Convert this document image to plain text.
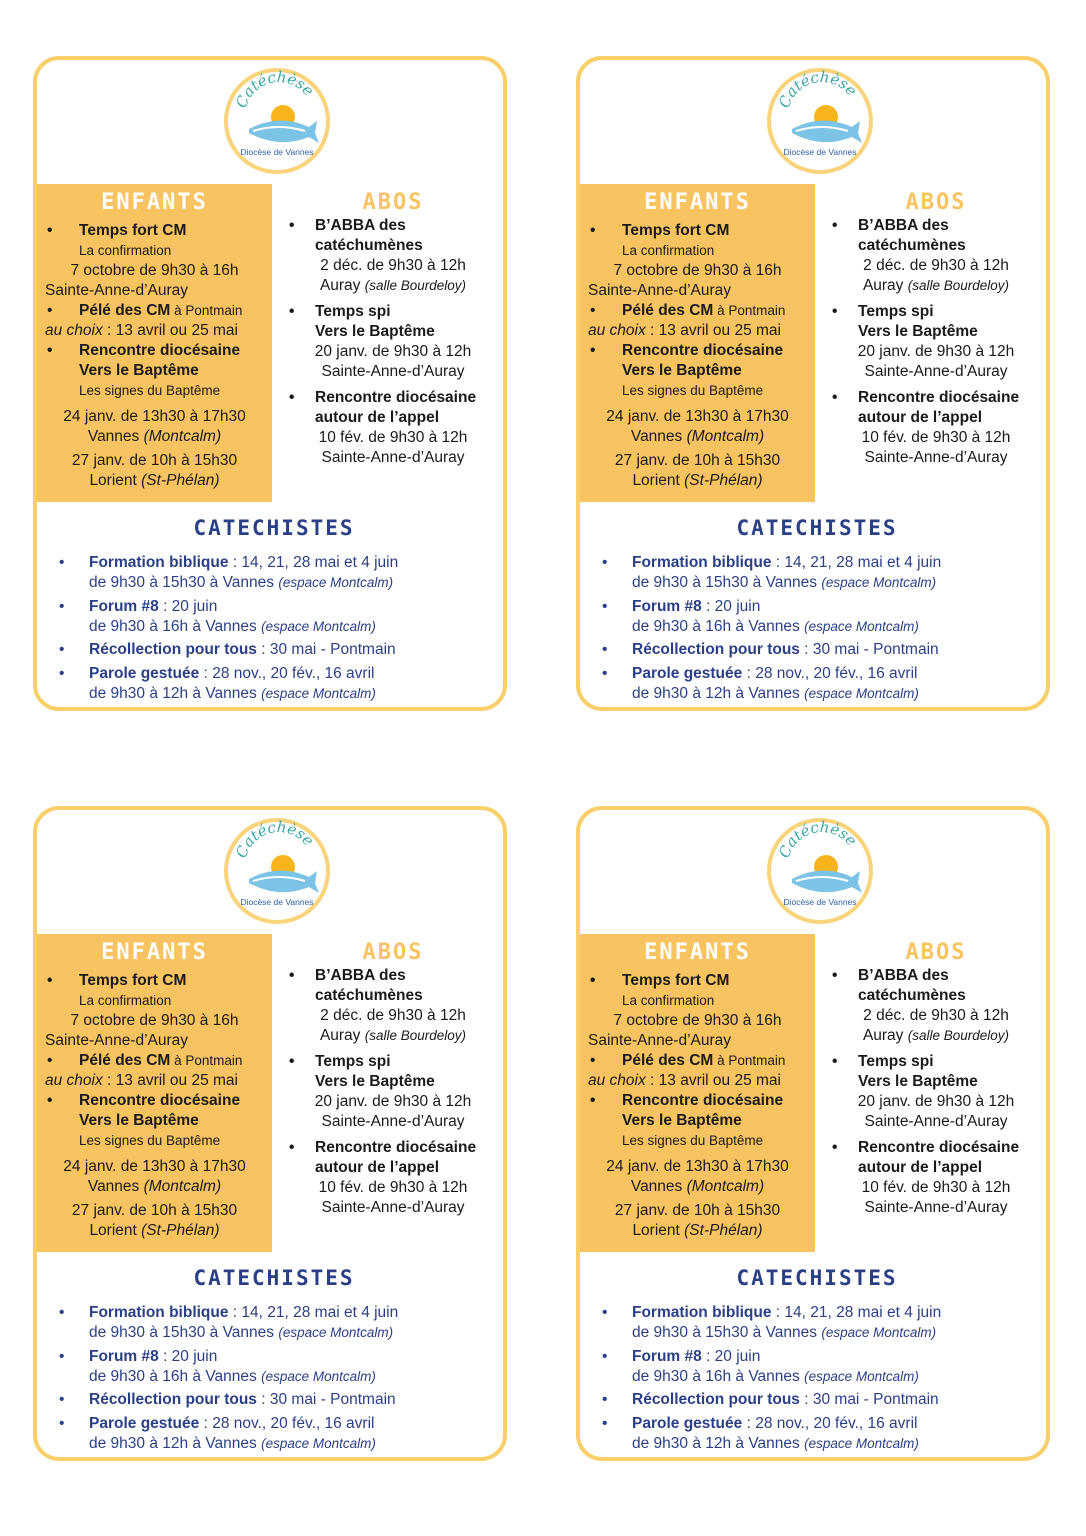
Catéchèse
Diocèse de Vannes

ENFANTS

• Temps fort CM
La confirmation
7 octobre de 9h30 à 16h
Sainte-Anne-d’Auray
• Pélé des CM à Pontmain
au choix : 13 avril ou 25 mai
• Rencontre diocésaine
Vers le Baptême
Les signes du Baptême
24 janv. de 13h30 à 17h30
Vannes (Montcalm)
27 janv. de 10h à 15h30
Lorient (St-Phélan)

ABOS

• B’ABBA des
catéchumènes
2 déc. de 9h30 à 12h
Auray (salle Bourdeloy)
• Temps spi
Vers le Baptême
20 janv. de 9h30 à 12h
Sainte-Anne-d’Auray
• Rencontre diocésaine
autour de l’appel
10 fév. de 9h30 à 12h
Sainte-Anne-d’Auray

CATECHISTES

• Formation biblique : 14, 21, 28 mai et 4 juin
de 9h30 à 15h30 à Vannes (espace Montcalm)
• Forum #8 : 20 juin
de 9h30 à 16h à Vannes (espace Montcalm)
• Récollection pour tous : 30 mai - Pontmain
• Parole gestuée : 28 nov., 20 fév., 16 avril
de 9h30 à 12h à Vannes (espace Montcalm)
Catéchèse
Diocèse de Vannes

ENFANTS

• Temps fort CM
La confirmation
7 octobre de 9h30 à 16h
Sainte-Anne-d’Auray
• Pélé des CM à Pontmain
au choix : 13 avril ou 25 mai
• Rencontre diocésaine
Vers le Baptême
Les signes du Baptême
24 janv. de 13h30 à 17h30
Vannes (Montcalm)
27 janv. de 10h à 15h30
Lorient (St-Phélan)

ABOS

• B’ABBA des
catéchumènes
2 déc. de 9h30 à 12h
Auray (salle Bourdeloy)
• Temps spi
Vers le Baptême
20 janv. de 9h30 à 12h
Sainte-Anne-d’Auray
• Rencontre diocésaine
autour de l’appel
10 fév. de 9h30 à 12h
Sainte-Anne-d’Auray

CATECHISTES

• Formation biblique : 14, 21, 28 mai et 4 juin
de 9h30 à 15h30 à Vannes (espace Montcalm)
• Forum #8 : 20 juin
de 9h30 à 16h à Vannes (espace Montcalm)
• Récollection pour tous : 30 mai - Pontmain
• Parole gestuée : 28 nov., 20 fév., 16 avril
de 9h30 à 12h à Vannes (espace Montcalm)
Catéchèse
Diocèse de Vannes

ENFANTS

• Temps fort CM
La confirmation
7 octobre de 9h30 à 16h
Sainte-Anne-d’Auray
• Pélé des CM à Pontmain
au choix : 13 avril ou 25 mai
• Rencontre diocésaine
Vers le Baptême
Les signes du Baptême
24 janv. de 13h30 à 17h30
Vannes (Montcalm)
27 janv. de 10h à 15h30
Lorient (St-Phélan)

ABOS

• B’ABBA des
catéchumènes
2 déc. de 9h30 à 12h
Auray (salle Bourdeloy)
• Temps spi
Vers le Baptême
20 janv. de 9h30 à 12h
Sainte-Anne-d’Auray
• Rencontre diocésaine
autour de l’appel
10 fév. de 9h30 à 12h
Sainte-Anne-d’Auray

CATECHISTES

• Formation biblique : 14, 21, 28 mai et 4 juin
de 9h30 à 15h30 à Vannes (espace Montcalm)
• Forum #8 : 20 juin
de 9h30 à 16h à Vannes (espace Montcalm)
• Récollection pour tous : 30 mai - Pontmain
• Parole gestuée : 28 nov., 20 fév., 16 avril
de 9h30 à 12h à Vannes (espace Montcalm)
Catéchèse
Diocèse de Vannes

ENFANTS

• Temps fort CM
La confirmation
7 octobre de 9h30 à 16h
Sainte-Anne-d’Auray
• Pélé des CM à Pontmain
au choix : 13 avril ou 25 mai
• Rencontre diocésaine
Vers le Baptême
Les signes du Baptême
24 janv. de 13h30 à 17h30
Vannes (Montcalm)
27 janv. de 10h à 15h30
Lorient (St-Phélan)

ABOS

• B’ABBA des
catéchumènes
2 déc. de 9h30 à 12h
Auray (salle Bourdeloy)
• Temps spi
Vers le Baptême
20 janv. de 9h30 à 12h
Sainte-Anne-d’Auray
• Rencontre diocésaine
autour de l’appel
10 fév. de 9h30 à 12h
Sainte-Anne-d’Auray

CATECHISTES

• Formation biblique : 14, 21, 28 mai et 4 juin
de 9h30 à 15h30 à Vannes (espace Montcalm)
• Forum #8 : 20 juin
de 9h30 à 16h à Vannes (espace Montcalm)
• Récollection pour tous : 30 mai - Pontmain
• Parole gestuée : 28 nov., 20 fév., 16 avril
de 9h30 à 12h à Vannes (espace Montcalm)
